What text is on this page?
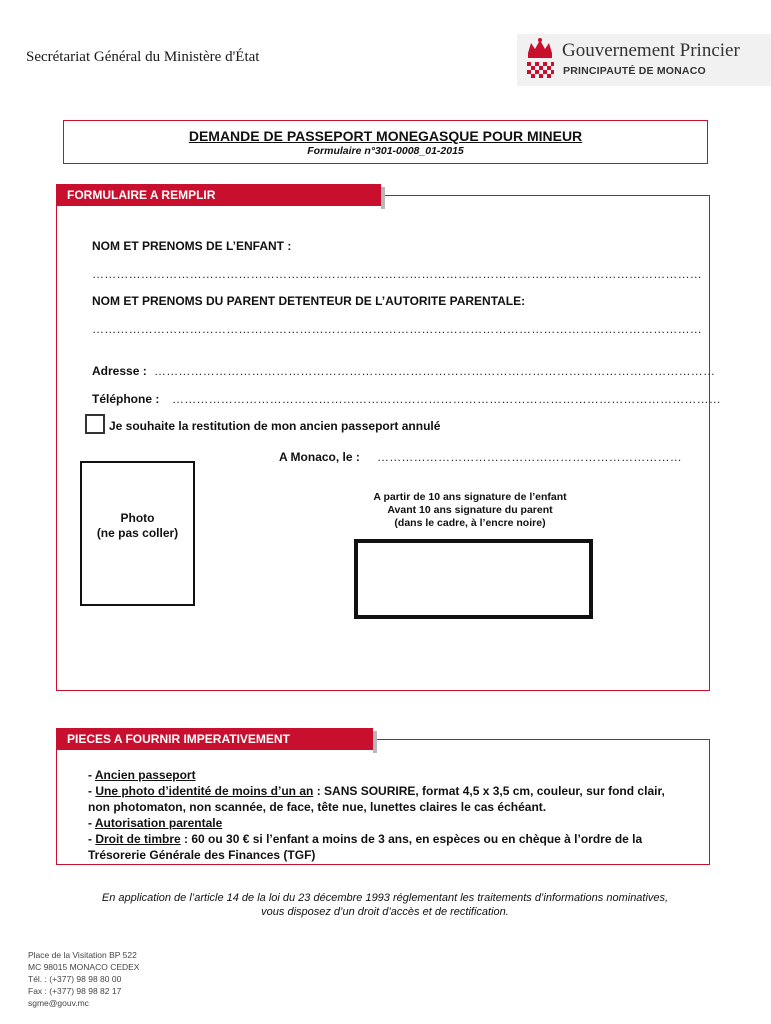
Secrétariat Général du Ministère d'État	Gouvernement Princier
PRINCIPAUTÉ DE MONACO
DEMANDE DE PASSEPORT MONEGASQUE POUR MINEUR
Formulaire n°301-0008_01-2015
FORMULAIRE A REMPLIR
NOM ET PRENOMS DE L’ENFANT :
……………………………………………………………………………………………………………………………………
NOM ET PRENOMS DU PARENT DETENTEUR DE L’AUTORITE PARENTALE:
……………………………………………………………………………………………………………………………………
Adresse : …………………………………………………………………………………………………………………………
Téléphone : ………………………………………………………………………………………………………………………
Je souhaite la restitution de mon ancien passeport annulé
A Monaco, le : …………………………………………………………………
Photo
(ne pas coller)
A partir de 10 ans signature de l’enfant
Avant 10 ans signature du parent
(dans le cadre, à l’encre noire)
PIECES A FOURNIR IMPERATIVEMENT
- Ancien passeport
- Une photo d’identité de moins d’un an : SANS SOURIRE, format 4,5 x 3,5 cm, couleur, sur fond clair, non photomaton, non scannée, de face, tête nue, lunettes claires le cas échéant.
- Autorisation parentale
- Droit de timbre : 60 ou 30 € si l’enfant a moins de 3 ans, en espèces ou en chèque à l’ordre de la Trésorerie Générale des Finances (TGF)
En application de l’article 14 de la loi du 23 décembre 1993 réglementant les traitements d’informations nominatives,
vous disposez d’un droit d’accès et de rectification.
Place de la Visitation BP 522
MC 98015 MONACO CEDEX
Tél. : (+377) 98 98 80 00
Fax : (+377) 98 98 82 17
sgme@gouv.mc
